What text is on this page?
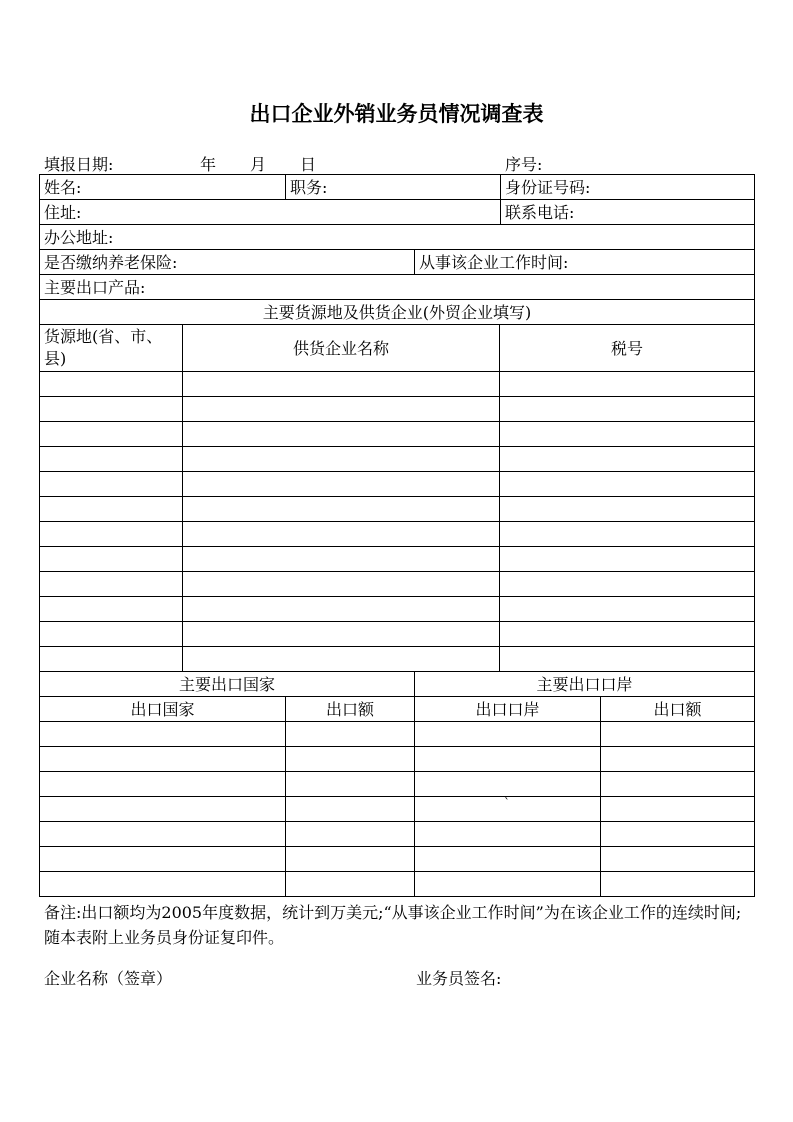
出口企业外销业务员情况调查表
填报日期:	年 月 日	序号:
姓名:	职务:		身份证号码:
住址:			联系电话:
办公地址:			
是否缴纳养老保险:		从事该企业工作时间:	
主要出口产品:			
主要货源地及供货企业(外贸企业填写)		
货源地(省、市、县)	供货企业名称	税号

主要出口国家		主要出口口岸	
出口国家	出口额	出口口岸	出口额

`
备注:出口额均为2005年度数据，统计到万美元;“从事该企业工作时间”为在该企业工作的连续时间;随本表附上业务员身份证复印件。
企业名称（签章）	业务员签名:
